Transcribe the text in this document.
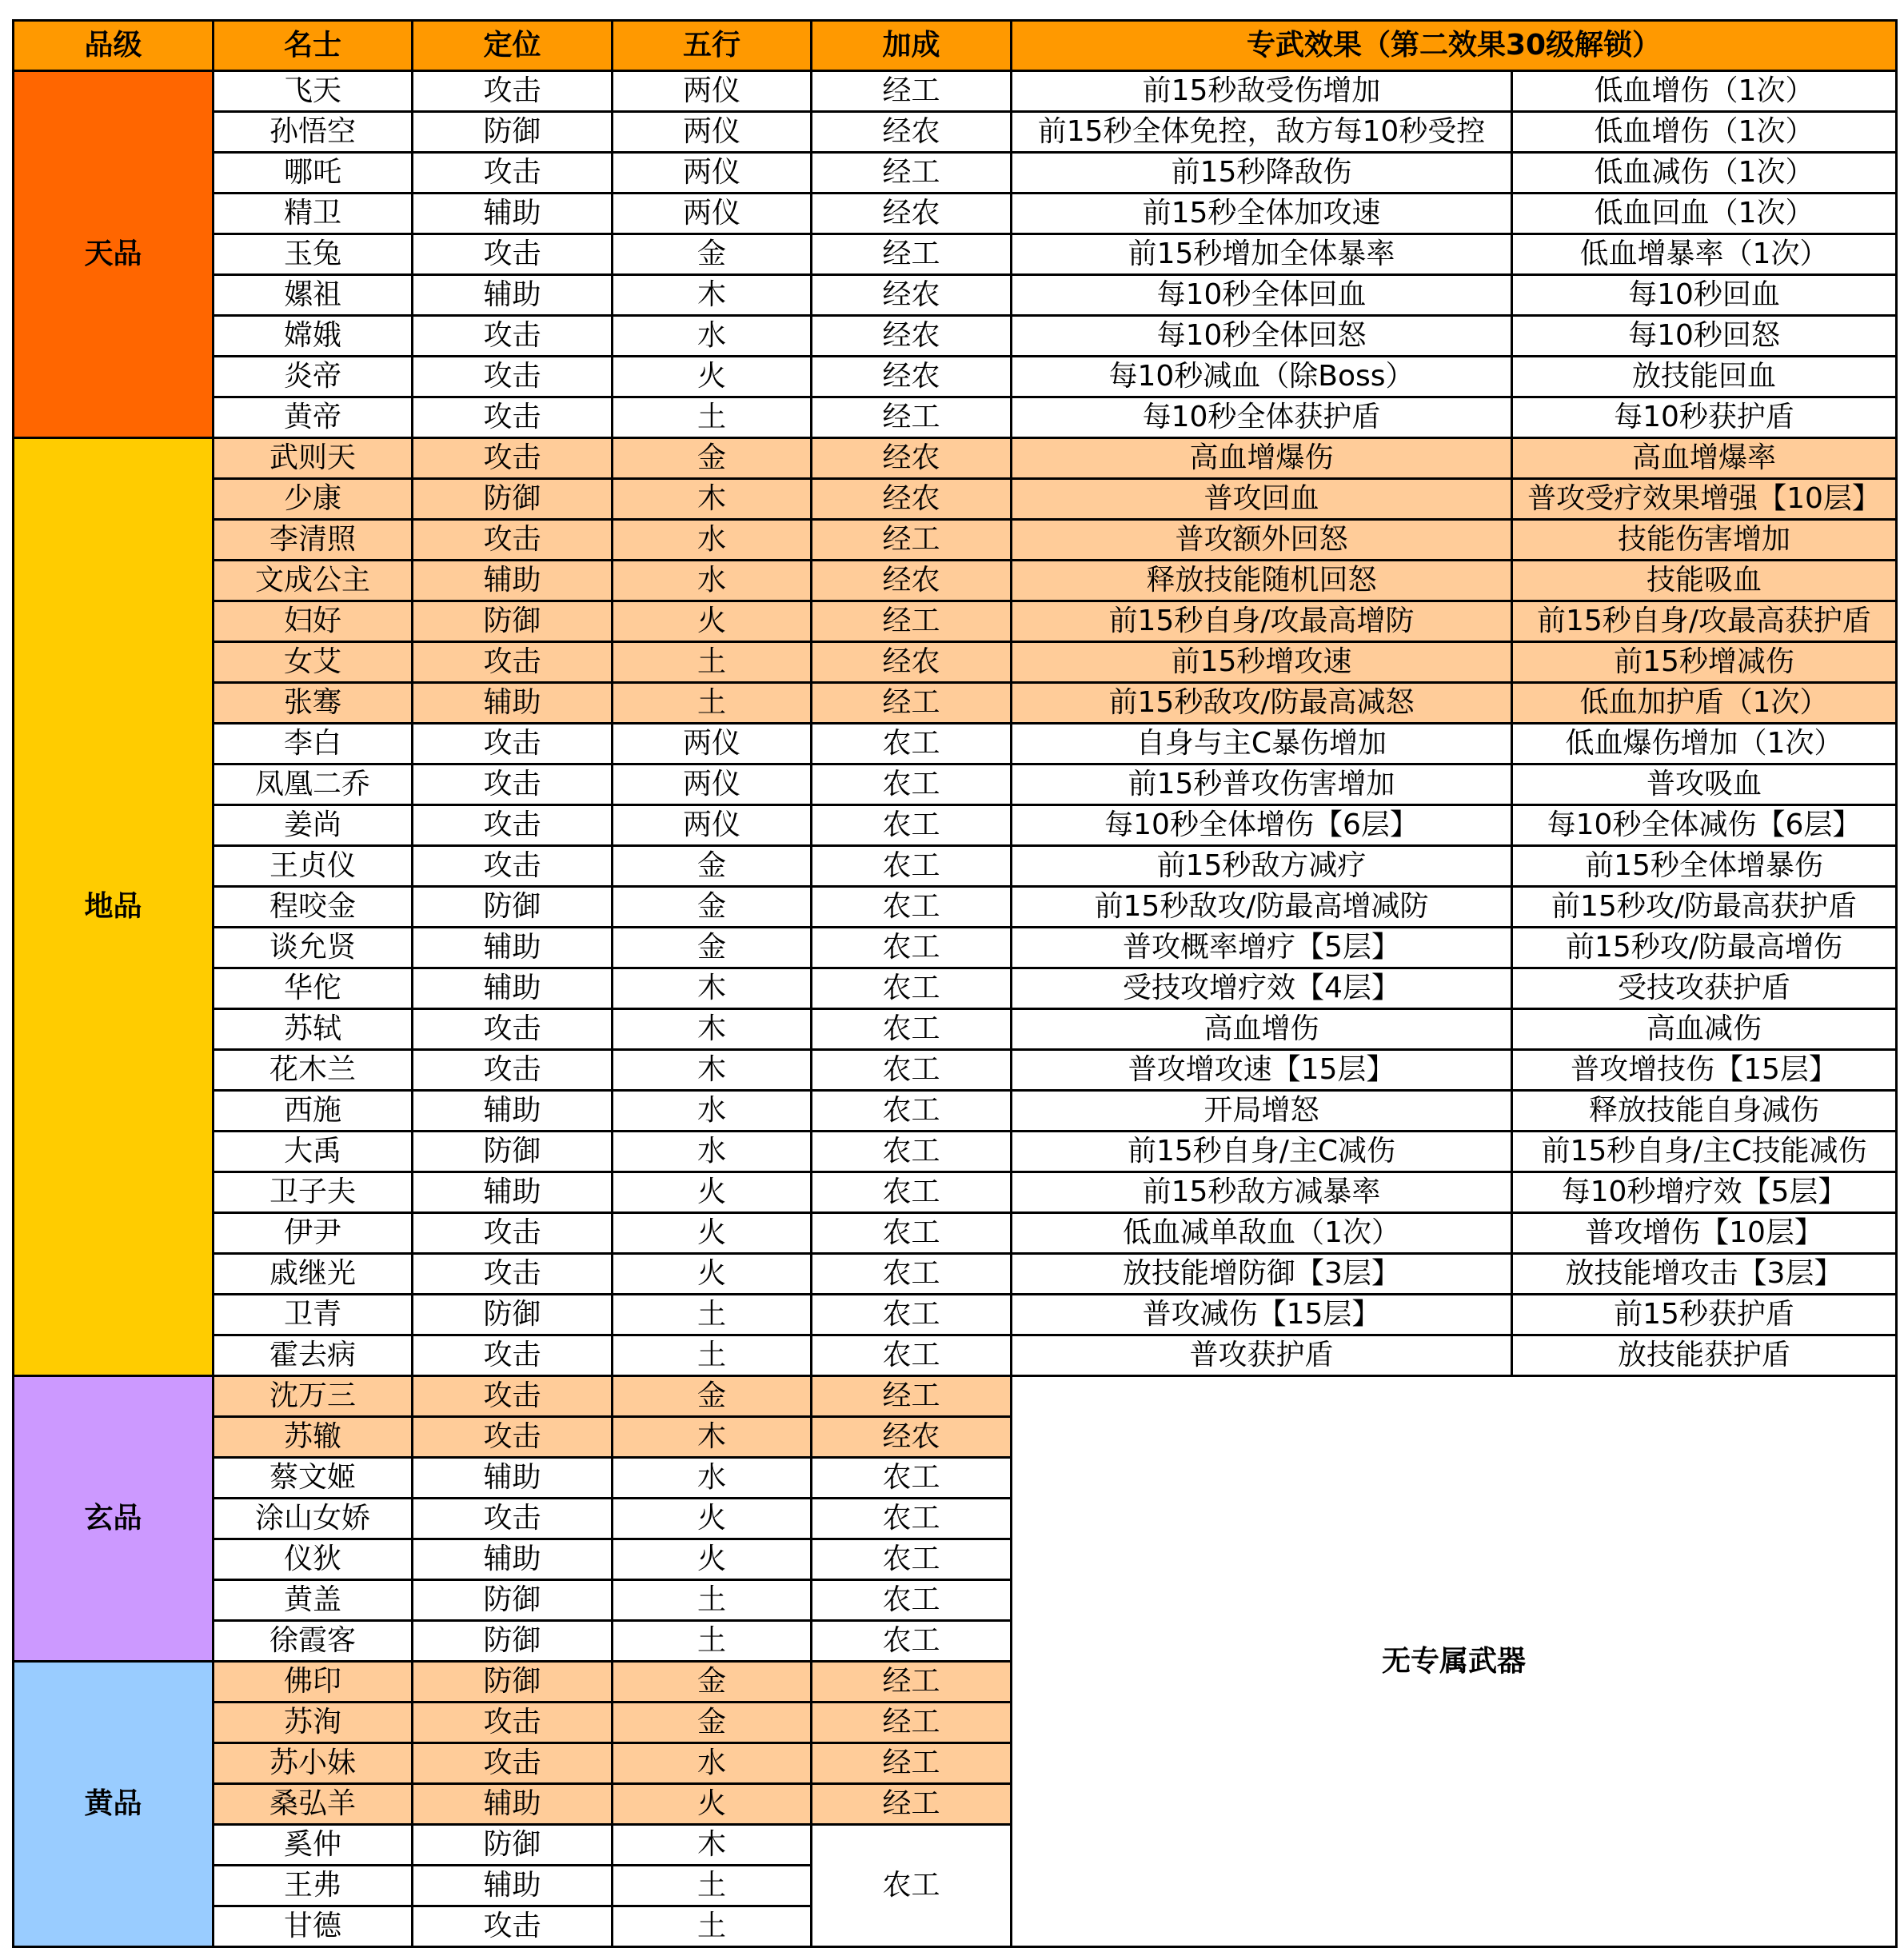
品级	名士	定位	五行	加成	专武效果（第二效果30级解锁）	
天品	飞天	攻击	两仪	经工	前15秒敌受伤增加	低血增伤（1次）
	孙悟空	防御	两仪	经农	前15秒全体免控，敌方每10秒受控	低血增伤（1次）
	哪吒	攻击	两仪	经工	前15秒降敌伤	低血减伤（1次）
	精卫	辅助	两仪	经农	前15秒全体加攻速	低血回血（1次）
	玉兔	攻击	金	经工	前15秒增加全体暴率	低血增暴率（1次）
	嫘祖	辅助	木	经农	每10秒全体回血	每10秒回血
	嫦娥	攻击	水	经农	每10秒全体回怒	每10秒回怒
	炎帝	攻击	火	经农	每10秒减血（除Boss）	放技能回血
	黄帝	攻击	土	经工	每10秒全体获护盾	每10秒获护盾
地品	武则天	攻击	金	经农	高血增爆伤	高血增爆率
	少康	防御	木	经农	普攻回血	普攻受疗效果增强【10层】
	李清照	攻击	水	经工	普攻额外回怒	技能伤害增加
	文成公主	辅助	水	经农	释放技能随机回怒	技能吸血
	妇好	防御	火	经工	前15秒自身/攻最高增防	前15秒自身/攻最高获护盾
	女艾	攻击	土	经农	前15秒增攻速	前15秒增减伤
	张骞	辅助	土	经工	前15秒敌攻/防最高减怒	低血加护盾（1次）
	李白	攻击	两仪	农工	自身与主C暴伤增加	低血爆伤增加（1次）
	凤凰二乔	攻击	两仪	农工	前15秒普攻伤害增加	普攻吸血
	姜尚	攻击	两仪	农工	每10秒全体增伤【6层】	每10秒全体减伤【6层】
	王贞仪	攻击	金	农工	前15秒敌方减疗	前15秒全体增暴伤
	程咬金	防御	金	农工	前15秒敌攻/防最高增减防	前15秒攻/防最高获护盾
	谈允贤	辅助	金	农工	普攻概率增疗【5层】	前15秒攻/防最高增伤
	华佗	辅助	木	农工	受技攻增疗效【4层】	受技攻获护盾
	苏轼	攻击	木	农工	高血增伤	高血减伤
	花木兰	攻击	木	农工	普攻增攻速【15层】	普攻增技伤【15层】
	西施	辅助	水	农工	开局增怒	释放技能自身减伤
	大禹	防御	水	农工	前15秒自身/主C减伤	前15秒自身/主C技能减伤
	卫子夫	辅助	火	农工	前15秒敌方减暴率	每10秒增疗效【5层】
	伊尹	攻击	火	农工	低血减单敌血（1次）	普攻增伤【10层】
	戚继光	攻击	火	农工	放技能增防御【3层】	放技能增攻击【3层】
	卫青	防御	土	农工	普攻减伤【15层】	前15秒获护盾
	霍去病	攻击	土	农工	普攻获护盾	放技能获护盾
玄品	沈万三	攻击	金	经工	无专属武器	
	苏辙	攻击	木	经农		
	蔡文姬	辅助	水	农工		
	涂山女娇	攻击	火	农工		
	仪狄	辅助	火	农工		
	黄盖	防御	土	农工		
	徐霞客	防御	土	农工		
黄品	佛印	防御	金	经工		
	苏洵	攻击	金	经工		
	苏小妹	攻击	水	经工		
	桑弘羊	辅助	火	经工		
	奚仲	防御	木	农工		
	王弗	辅助	土			
	甘德	攻击	土			
